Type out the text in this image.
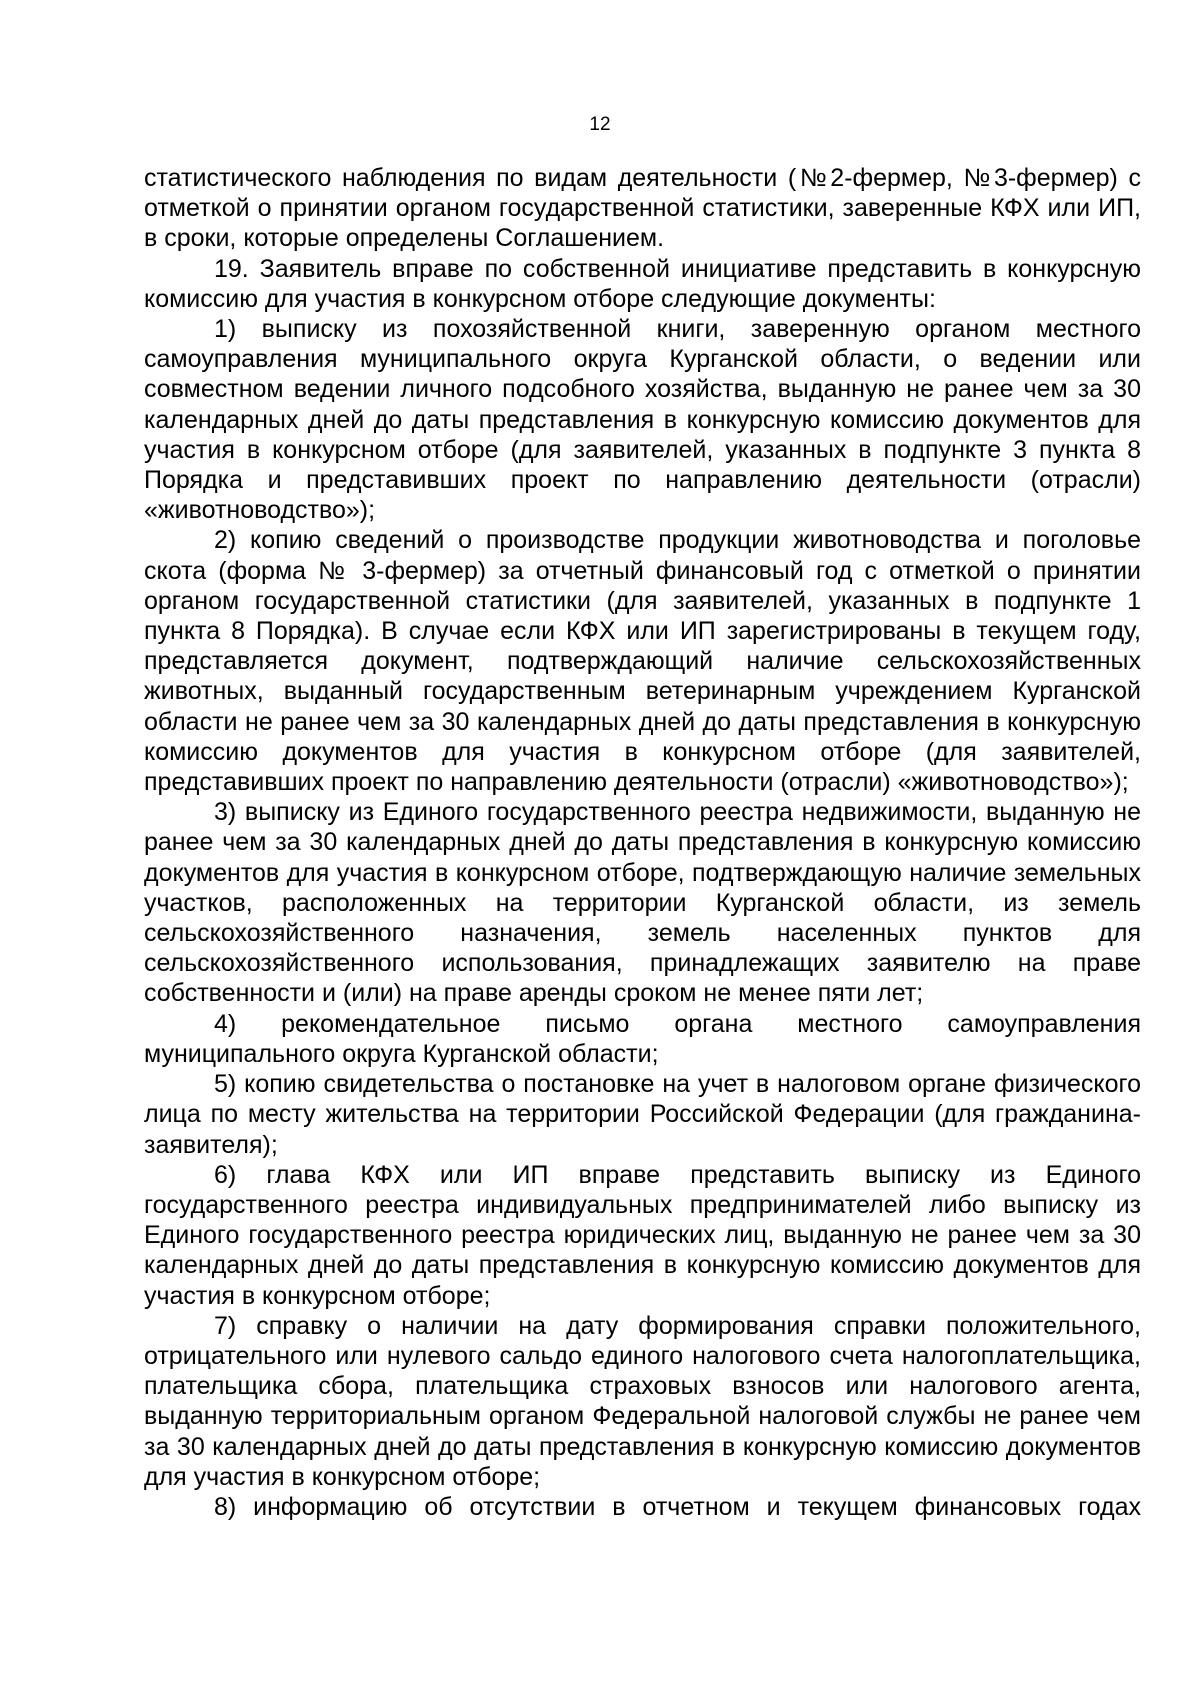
12

статистического наблюдения по видам деятельности (№2-фермер, №3-фермер) с отметкой о принятии органом государственной статистики, заверенные КФХ или ИП, в сроки, которые определены Соглашением.

19. Заявитель вправе по собственной инициативе представить в конкурсную комиссию для участия в конкурсном отборе следующие документы:

1) выписку из похозяйственной книги, заверенную органом местного самоуправления муниципального округа Курганской области, о ведении или совместном ведении личного подсобного хозяйства, выданную не ранее чем за 30 календарных дней до даты представления в конкурсную комиссию документов для участия в конкурсном отборе (для заявителей, указанных в подпункте 3 пункта 8 Порядка и представивших проект по направлению деятельности (отрасли) «животноводство»);

2) копию сведений о производстве продукции животноводства и поголовье скота (форма № 3-фермер) за отчетный финансовый год с отметкой о принятии органом государственной статистики (для заявителей, указанных в подпункте 1 пункта 8 Порядка). В случае если КФХ или ИП зарегистрированы в текущем году, представляется документ, подтверждающий наличие сельскохозяйственных животных, выданный государственным ветеринарным учреждением Курганской области не ранее чем за 30 календарных дней до даты представления в конкурсную комиссию документов для участия в конкурсном отборе (для заявителей, представивших проект по направлению деятельности (отрасли) «животноводство»);

3) выписку из Единого государственного реестра недвижимости, выданную не ранее чем за 30 календарных дней до даты представления в конкурсную комиссию документов для участия в конкурсном отборе, подтверждающую наличие земельных участков, расположенных на территории Курганской области, из земель сельскохозяйственного назначения, земель населенных пунктов для сельскохозяйственного использования, принадлежащих заявителю на праве собственности и (или) на праве аренды сроком не менее пяти лет;

4) рекомендательное письмо органа местного самоуправления муниципального округа Курганской области;

5) копию свидетельства о постановке на учет в налоговом органе физического лица по месту жительства на территории Российской Федерации (для гражданина-заявителя);

6) глава КФХ или ИП вправе представить выписку из Единого государственного реестра индивидуальных предпринимателей либо выписку из Единого государственного реестра юридических лиц, выданную не ранее чем за 30 календарных дней до даты представления в конкурсную комиссию документов для участия в конкурсном отборе;

7) справку о наличии на дату формирования справки положительного, отрицательного или нулевого сальдо единого налогового счета налогоплательщика, плательщика сбора, плательщика страховых взносов или налогового агента, выданную территориальным органом Федеральной налоговой службы не ранее чем за 30 календарных дней до даты представления в конкурсную комиссию документов для участия в конкурсном отборе;

8) информацию об отсутствии в отчетном и текущем финансовых годах
